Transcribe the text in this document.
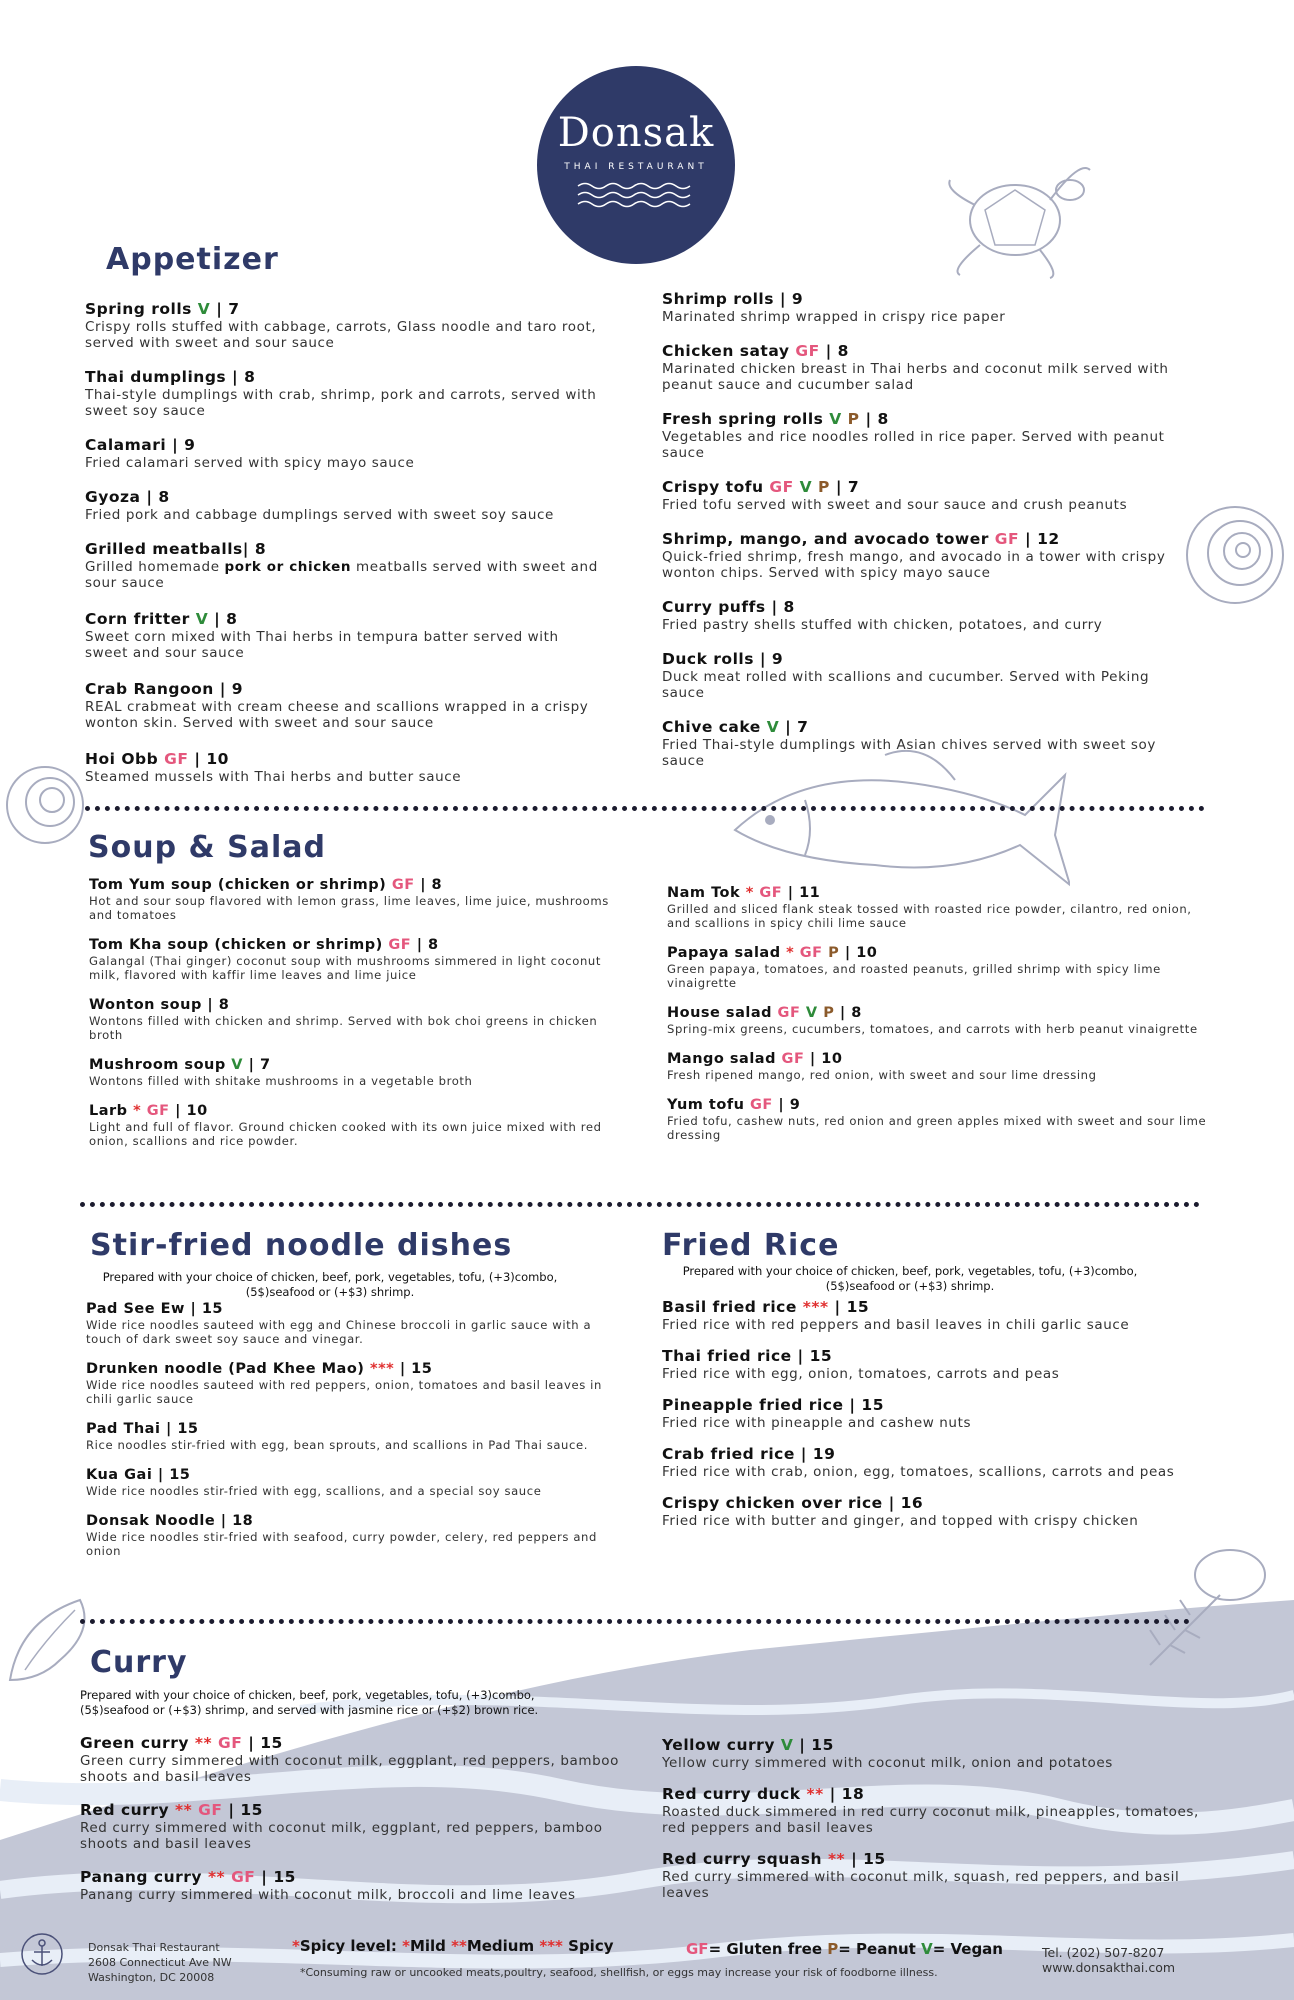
Donsak
THAI RESTAURANT
Appetizer
Spring rolls V | 7
Crispy rolls stuffed with cabbage, carrots, Glass noodle and taro root, served with sweet and sour sauce
Thai dumplings | 8
Thai-style dumplings with crab, shrimp, pork and carrots, served with sweet soy sauce
Calamari | 9
Fried calamari served with spicy mayo sauce
Gyoza | 8
Fried pork and cabbage dumplings served with sweet soy sauce
Grilled meatballs| 8
Grilled homemade pork or chicken meatballs served with sweet and sour sauce
Corn fritter V | 8
Sweet corn mixed with Thai herbs in tempura batter served with sweet and sour sauce
Crab Rangoon | 9
REAL crabmeat with cream cheese and scallions wrapped in a crispy wonton skin. Served with sweet and sour sauce
Hoi Obb GF | 10
Steamed mussels with Thai herbs and butter sauce
Shrimp rolls | 9
Marinated shrimp wrapped in crispy rice paper
Chicken satay GF | 8
Marinated chicken breast in Thai herbs and coconut milk served with peanut sauce and cucumber salad
Fresh spring rolls V P | 8
Vegetables and rice noodles rolled in rice paper. Served with peanut sauce
Crispy tofu GF V P | 7
Fried tofu served with sweet and sour sauce and crush peanuts
Shrimp, mango, and avocado tower GF | 12
Quick-fried shrimp, fresh mango, and avocado in a tower with crispy wonton chips. Served with spicy mayo sauce
Curry puffs | 8
Fried pastry shells stuffed with chicken, potatoes, and curry
Duck rolls | 9
Duck meat rolled with scallions and cucumber. Served with Peking sauce
Chive cake V | 7
Fried Thai-style dumplings with Asian chives served with sweet soy sauce
Soup & Salad
Tom Yum soup (chicken or shrimp) GF | 8
Hot and sour soup flavored with lemon grass, lime leaves, lime juice, mushrooms and tomatoes
Tom Kha soup (chicken or shrimp) GF | 8
Galangal (Thai ginger) coconut soup with mushrooms simmered in light coconut milk, flavored with kaffir lime leaves and lime juice
Wonton soup | 8
Wontons filled with chicken and shrimp. Served with bok choi greens in chicken broth
Mushroom soup V | 7
Wontons filled with shitake mushrooms in a vegetable broth
Larb * GF | 10
Light and full of flavor. Ground chicken cooked with its own juice mixed with red onion, scallions and rice powder.
Nam Tok * GF | 11
Grilled and sliced flank steak tossed with roasted rice powder, cilantro, red onion, and scallions in spicy chili lime sauce
Papaya salad * GF P | 10
Green papaya, tomatoes, and roasted peanuts, grilled shrimp with spicy lime vinaigrette
House salad GF V P | 8
Spring-mix greens, cucumbers, tomatoes, and carrots with herb peanut vinaigrette
Mango salad GF | 10
Fresh ripened mango, red onion, with sweet and sour lime dressing
Yum tofu GF | 9
Fried tofu, cashew nuts, red onion and green apples mixed with sweet and sour lime dressing
Stir-fried noodle dishes
Prepared with your choice of chicken, beef, pork, vegetables, tofu, (+3)combo, (5$)seafood or (+$3) shrimp.
Pad See Ew | 15
Wide rice noodles sauteed with egg and Chinese broccoli in garlic sauce with a touch of dark sweet soy sauce and vinegar.
Drunken noodle (Pad Khee Mao) *** | 15
Wide rice noodles sauteed with red peppers, onion, tomatoes and basil leaves in chili garlic sauce
Pad Thai | 15
Rice noodles stir-fried with egg, bean sprouts, and scallions in Pad Thai sauce.
Kua Gai | 15
Wide rice noodles stir-fried with egg, scallions, and a special soy sauce
Donsak Noodle | 18
Wide rice noodles stir-fried with seafood, curry powder, celery, red peppers and onion
Fried Rice
Prepared with your choice of chicken, beef, pork, vegetables, tofu, (+3)combo, (5$)seafood or (+$3) shrimp.
Basil fried rice *** | 15
Fried rice with red peppers and basil leaves in chili garlic sauce
Thai fried rice | 15
Fried rice with egg, onion, tomatoes, carrots and peas
Pineapple fried rice | 15
Fried rice with pineapple and cashew nuts
Crab fried rice | 19
Fried rice with crab, onion, egg, tomatoes, scallions, carrots and peas
Crispy chicken over rice | 16
Fried rice with butter and ginger, and topped with crispy chicken
Curry
Prepared with your choice of chicken, beef, pork, vegetables, tofu, (+3)combo, (5$)seafood or (+$3) shrimp, and served with jasmine rice or (+$2) brown rice.
Green curry ** GF | 15
Green curry simmered with coconut milk, eggplant, red peppers, bamboo shoots and basil leaves
Red curry ** GF | 15
Red curry simmered with coconut milk, eggplant, red peppers, bamboo shoots and basil leaves
Panang curry ** GF | 15
Panang curry simmered with coconut milk, broccoli and lime leaves
Yellow curry V | 15
Yellow curry simmered with coconut milk, onion and potatoes
Red curry duck ** | 18
Roasted duck simmered in red curry coconut milk, pineapples, tomatoes, red peppers and basil leaves
Red curry squash ** | 15
Red curry simmered with coconut milk, squash, red peppers, and basil leaves
Donsak Thai Restaurant
2608 Connecticut Ave NW
Washington, DC 20008
*Spicy level: *Mild **Medium *** Spicy	GF= Gluten free P= Peanut V= Vegan
*Consuming raw or uncooked meats,poultry, seafood, shellfish, or eggs may increase your risk of foodborne illness.
Tel. (202) 507-8207
www.donsakthai.com
